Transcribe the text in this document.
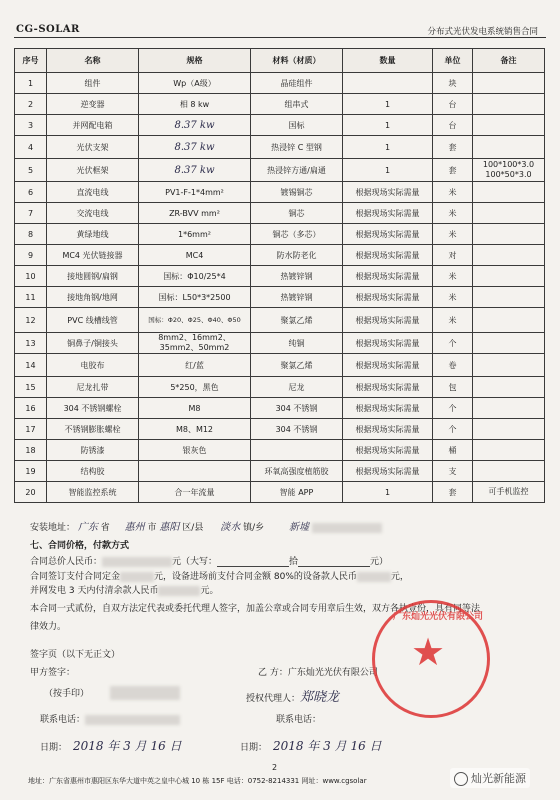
CG-SOLAR	分布式光伏发电系统销售合同
序号	名称	规格	材料（材质）	数量	单位	备注
1	组件	Wp（A级）	晶硅组件		块	
2	逆变器	相 8 kw	组串式	1	台	
3	并网配电箱	8.37 kw	国标	1	台	
4	光伏支架	8.37 kw	热浸锌 C 型钢	1	套	
5	光伏框架	8.37 kw	热浸锌方通/扁通	1	套	100*100*3.0 100*50*3.0
6	直流电线	PV1-F-1*4mm²	镀锡铜芯	根据现场实际需量	米	
7	交流电线	ZR-BVV mm²	铜芯	根据现场实际需量	米	
8	黄绿地线	1*6mm²	铜芯（多芯）	根据现场实际需量	米	
9	MC4 光伏链接器	MC4	防水防老化	根据现场实际需量	对	
10	接地圆钢/扁钢	国标：Φ10/25*4	热镀锌钢	根据现场实际需量	米	
11	接地角钢/地网	国标：L50*3*2500	热镀锌钢	根据现场实际需量	米	
12	PVC 线槽线管	国标：Φ20、Φ25、Φ40、Φ50	聚氯乙烯	根据现场实际需量	米	
13	铜鼻子/铜接头	8mm2、16mm2、35mm2、50mm2	纯铜	根据现场实际需量	个	
14	电胶布	红/蓝	聚氯乙烯	根据现场实际需量	卷	
15	尼龙扎带	5*250，黑色	尼龙	根据现场实际需量	包	
16	304 不锈钢螺栓	M8	304 不锈钢	根据现场实际需量	个	
17	不锈钢膨胀螺栓	M8、M12	304 不锈钢	根据现场实际需量	个	
18	防锈漆	银灰色		根据现场实际需量	桶	
19	结构胶		环氧高强度植筋胶	根据现场实际需量	支	
20	智能监控系统	合一年流量	智能 APP	1	套	可手机监控
安装地址： 广东 省 惠州 市 惠阳 区/县 淡水 镇/乡 新墟
七、合同价格，付款方式
合同总价人民币：	元（大写：	拾	元）
合同签订支付合同定金	元，设备进场前支付合同金额 80%的设备款人民币	元，
并网发电 3 天内付清余款人民币	元。
本合同一式贰份，自双方法定代表或委托代理人签字，加盖公章或合同专用章后生效，双方各执壹份，具有同等法
律效力。
签字页（以下无正文）
甲方签字：	乙 方：广东灿光光伏有限公司
（按手印）	授权代理人：郑晓龙
联系电话：	联系电话：
日期： 2018 年 3 月 16 日	日期： 2018 年 3 月 16 日
广东灿光光伏有限公司
★
2
地址：广东省惠州市惠阳区东华大道中英之皇中心城 10 栋 15F 电话：0752-8214331 网址：www.cgsolar	灿光新能源
